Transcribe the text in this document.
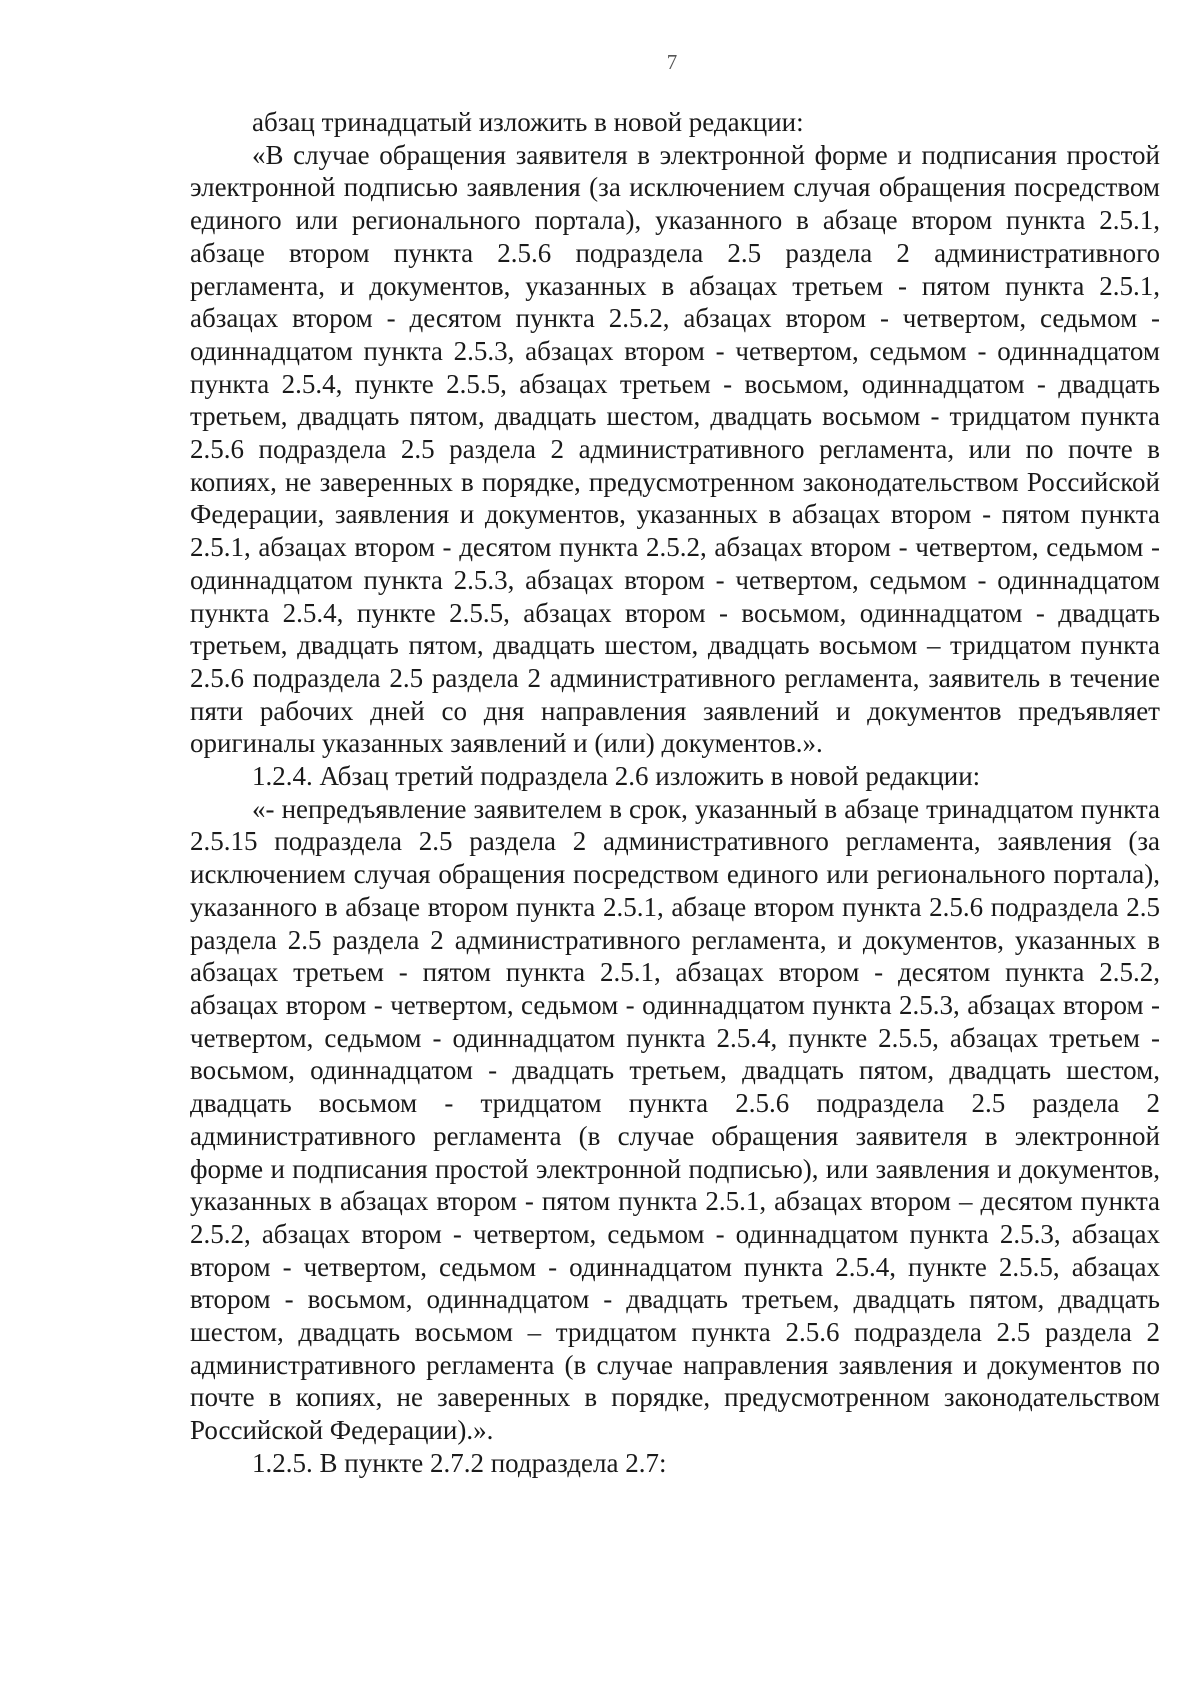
7

абзац тринадцатый изложить в новой редакции:

«В случае обращения заявителя в электронной форме и подписания простой электронной подписью заявления (за исключением случая обращения посредством единого или регионального портала), указанного в абзаце втором пункта 2.5.1, абзаце втором пункта 2.5.6 подраздела 2.5 раздела 2 административного регламента, и документов, указанных в абзацах третьем - пятом пункта 2.5.1, абзацах втором - десятом пункта 2.5.2, абзацах втором - четвертом, седьмом - одиннадцатом пункта 2.5.3, абзацах втором - четвертом, седьмом - одиннадцатом пункта 2.5.4, пункте 2.5.5, абзацах третьем - восьмом, одиннадцатом - двадцать третьем, двадцать пятом, двадцать шестом, двадцать восьмом - тридцатом пункта 2.5.6 подраздела 2.5 раздела 2 административного регламента, или по почте в копиях, не заверенных в порядке, предусмотренном законодательством Российской Федерации, заявления и документов, указанных в абзацах втором - пятом пункта 2.5.1, абзацах втором - десятом пункта 2.5.2, абзацах втором - четвертом, седьмом - одиннадцатом пункта 2.5.3, абзацах втором - четвертом, седьмом - одиннадцатом пункта 2.5.4, пункте 2.5.5, абзацах втором - восьмом, одиннадцатом - двадцать третьем, двадцать пятом, двадцать шестом, двадцать восьмом – тридцатом пункта 2.5.6 подраздела 2.5 раздела 2 административного регламента, заявитель в течение пяти рабочих дней со дня направления заявлений и документов предъявляет оригиналы указанных заявлений и (или) документов.».

1.2.4. Абзац третий подраздела 2.6 изложить в новой редакции:

«- непредъявление заявителем в срок, указанный в абзаце тринадцатом пункта 2.5.15 подраздела 2.5 раздела 2 административного регламента, заявления (за исключением случая обращения посредством единого или регионального портала), указанного в абзаце втором пункта 2.5.1, абзаце втором пункта 2.5.6 подраздела 2.5 раздела 2.5 раздела 2 административного регламента, и документов, указанных в абзацах третьем - пятом пункта 2.5.1, абзацах втором - десятом пункта 2.5.2, абзацах втором - четвертом, седьмом - одиннадцатом пункта 2.5.3, абзацах втором - четвертом, седьмом - одиннадцатом пункта 2.5.4, пункте 2.5.5, абзацах третьем - восьмом, одиннадцатом - двадцать третьем, двадцать пятом, двадцать шестом, двадцать восьмом - тридцатом пункта 2.5.6 подраздела 2.5 раздела 2 административного регламента (в случае обращения заявителя в электронной форме и подписания простой электронной подписью), или заявления и документов, указанных в абзацах втором - пятом пункта 2.5.1, абзацах втором – десятом пункта 2.5.2, абзацах втором - четвертом, седьмом - одиннадцатом пункта 2.5.3, абзацах втором - четвертом, седьмом - одиннадцатом пункта 2.5.4, пункте 2.5.5, абзацах втором - восьмом, одиннадцатом - двадцать третьем, двадцать пятом, двадцать шестом, двадцать восьмом – тридцатом пункта 2.5.6 подраздела 2.5 раздела 2 административного регламента (в случае направления заявления и документов по почте в копиях, не заверенных в порядке, предусмотренном законодательством Российской Федерации).».

1.2.5. В пункте 2.7.2 подраздела 2.7:
